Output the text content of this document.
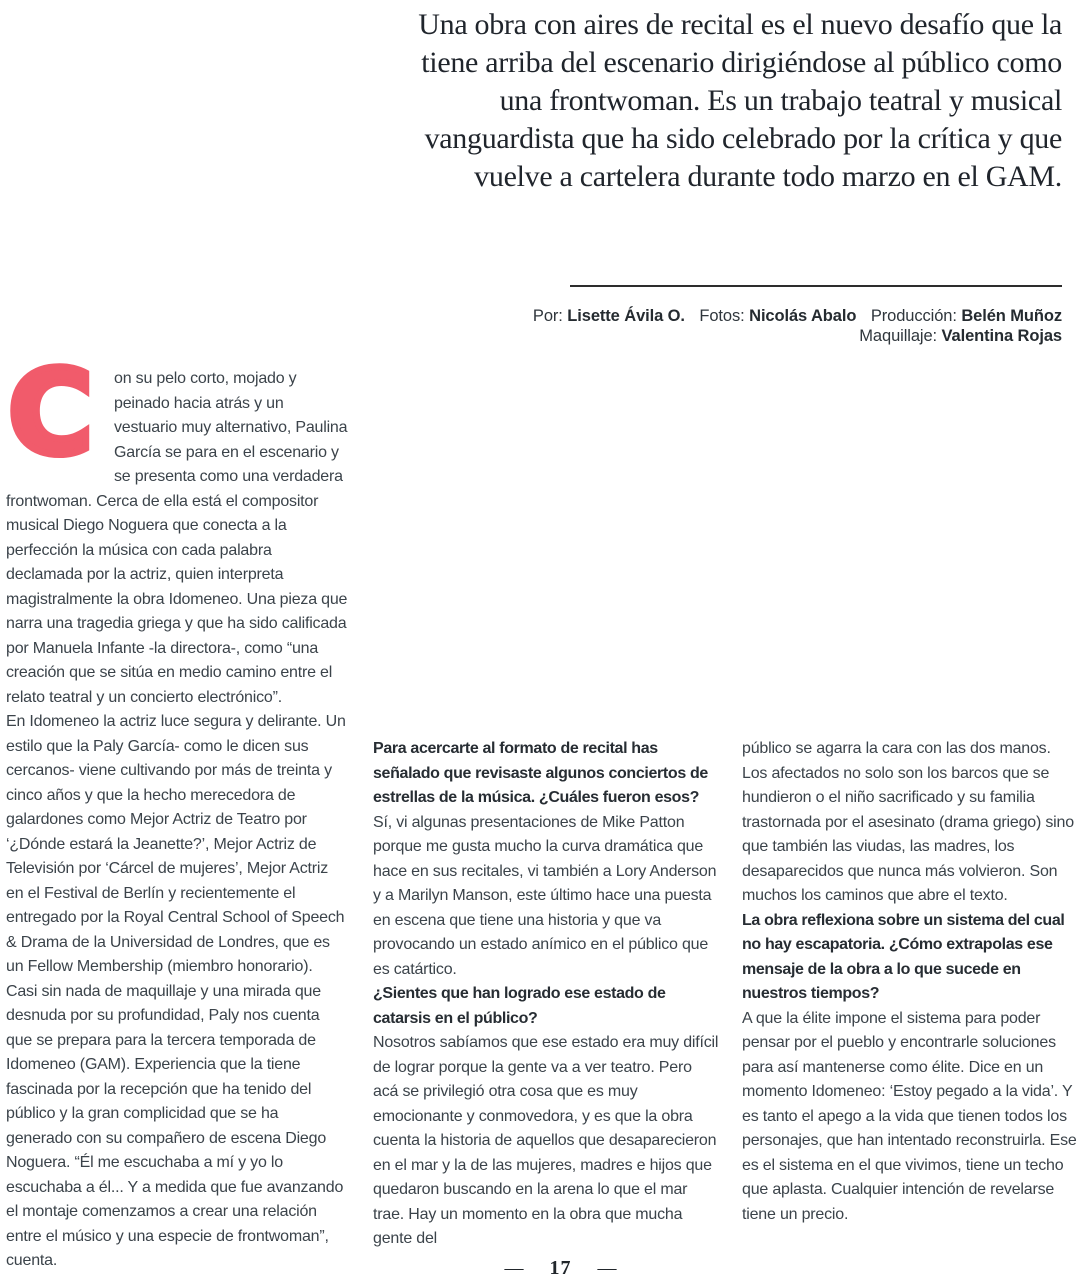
Una obra con aires de recital es el nuevo desafío que la tiene arriba del escenario dirigiéndose al público como una frontwoman. Es un trabajo teatral y musical vanguardista que ha sido celebrado por la crítica y que vuelve a cartelera durante todo marzo en el GAM.
Por: Lisette Ávila O. Fotos: Nicolás Abalo Producción: Belén Muñoz
Maquillaje: Valentina Rojas

C	on su pelo corto, mojado y peinado hacia atrás y un vestuario muy alternativo, Paulina García se para en el escenario y se presenta como una verdadera frontwoman. Cerca de ella está el compositor musical Diego Noguera que conecta a la perfección la música con cada palabra declamada por la actriz, quien interpreta magistralmente la obra Idomeneo. Una pieza que narra una tragedia griega y que ha sido calificada por Manuela Infante -la directora-, como “una creación que se sitúa en medio camino entre el relato teatral y un concierto electrónico”.

En Idomeneo la actriz luce segura y delirante. Un estilo que la Paly García- como le dicen sus cercanos- viene cultivando por más de treinta y cinco años y que la hecho merecedora de galardones como Mejor Actriz de Teatro por ‘¿Dónde estará la Jeanette?’, Mejor Actriz de Televisión por ‘Cárcel de mujeres’, Mejor Actriz en el Festival de Berlín y recientemente el entregado por la Royal Central School of Speech & Drama de la Universidad de Londres, que es un Fellow Membership (miembro honorario).

Casi sin nada de maquillaje y una mirada que desnuda por su profundidad, Paly nos cuenta que se prepara para la tercera temporada de Idomeneo (GAM). Experiencia que la tiene fascinada por la recepción que ha tenido del público y la gran complicidad que se ha generado con su compañero de escena Diego Noguera. “Él me escuchaba a mí y yo lo escuchaba a él... Y a medida que fue avanzando el montaje comenzamos a crear una relación entre el músico y una especie de frontwoman”, cuenta.

Para acercarte al formato de recital has señalado que revisaste algunos conciertos de estrellas de la música. ¿Cuáles fueron esos?

Sí, vi algunas presentaciones de Mike Patton porque me gusta mucho la curva dramática que hace en sus recitales, vi también a Lory Anderson y a Marilyn Manson, este último hace una puesta en escena que tiene una historia y que va provocando un estado anímico en el público que es catártico.

¿Sientes que han logrado ese estado de catarsis en el público?

Nosotros sabíamos que ese estado era muy difícil de lograr porque la gente va a ver teatro. Pero acá se privilegió otra cosa que es muy emocionante y conmovedora, y es que la obra cuenta la historia de aquellos que desaparecieron en el mar y la de las mujeres, madres e hijos que quedaron buscando en la arena lo que el mar trae. Hay un momento en la obra que mucha gente del

público se agarra la cara con las dos manos. Los afectados no solo son los barcos que se hundieron o el niño sacrificado y su familia trastornada por el asesinato (drama griego) sino que también las viudas, las madres, los desaparecidos que nunca más volvieron. Son muchos los caminos que abre el texto.

La obra reflexiona sobre un sistema del cual no hay escapatoria. ¿Cómo extrapolas ese mensaje de la obra a lo que sucede en nuestros tiempos?

A que la élite impone el sistema para poder pensar por el pueblo y encontrarle soluciones para así mantenerse como élite. Dice en un momento Idomeneo: ‘Estoy pegado a la vida’. Y es tanto el apego a la vida que tienen todos los personajes, que han intentado reconstruirla. Ese es el sistema en el que vivimos, tiene un techo que aplasta. Cualquier intención de revelarse tiene un precio.

— 17 —
